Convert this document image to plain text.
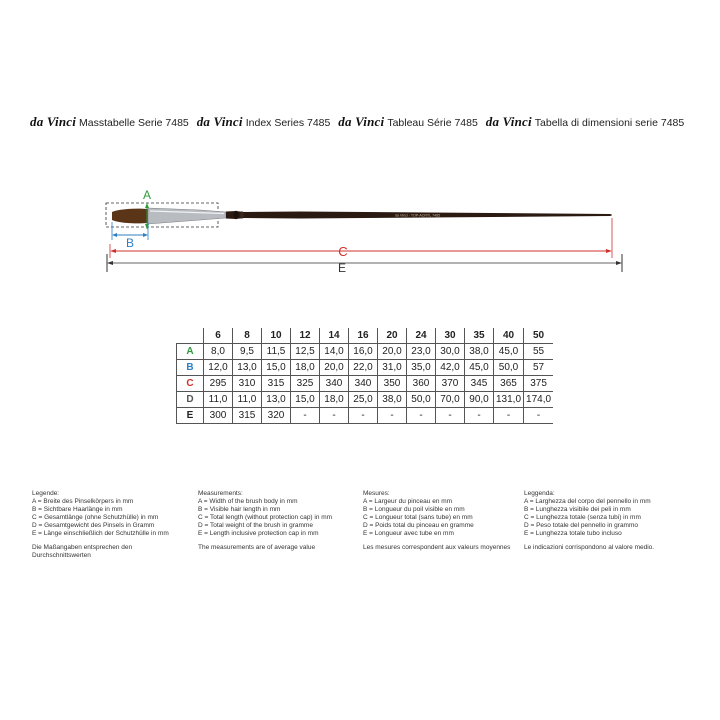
da Vinci Masstabelle Serie 7485 da Vinci Index Series 7485 da Vinci Tableau Série 7485 da Vinci Tabella di dimensioni serie 7485
E
C
da Vinci · TOP-ACRYL 7485
A
B
	6	8	10	12	14	16	20	24	30	35	40	50
A	8,0	9,5	11,5	12,5	14,0	16,0	20,0	23,0	30,0	38,0	45,0	55
B	12,0	13,0	15,0	18,0	20,0	22,0	31,0	35,0	42,0	45,0	50,0	57
C	295	310	315	325	340	340	350	360	370	345	365	375
D	11,0	11,0	13,0	15,0	18,0	25,0	38,0	50,0	70,0	90,0	131,0	174,0
E	300	315	320	-	-	-	-	-	-	-	-	-
Legende:
A = Breite des Pinselkörpers in mm
B = Sichtbare Haarlänge in mm
C = Gesamtlänge (ohne Schutzhülle) in mm
D = Gesamtgewicht des Pinsels in Gramm
E = Länge einschließlich der Schutzhülle in mm
Die Maßangaben entsprechen den Durchschnittswerten
Measurements:
A = Width of the brush body in mm
B = Visible hair length in mm
C = Total length (without protection cap) in mm
D = Total weight of the brush in gramme
E = Length inclusive protection cap in mm
The measurements are of average value
Mesures:
A = Largeur du pinceau en mm
B = Longueur du poil visible en mm
C = Longueur total (sans tube) en mm
D = Poids total du pinceau en gramme
E = Longueur avec tube en mm
Les mesures correspondent aux valeurs moyennes
Leggenda:
A = Larghezza del corpo del pennello in mm
B = Lunghezza visibile dei peli in mm
C = Lunghezza totale (senza tubi) in mm
D = Peso totale del pennello in grammo
E = Lunghezza totale tubo incluso
Le indicazioni corrispondono al valore medio.
